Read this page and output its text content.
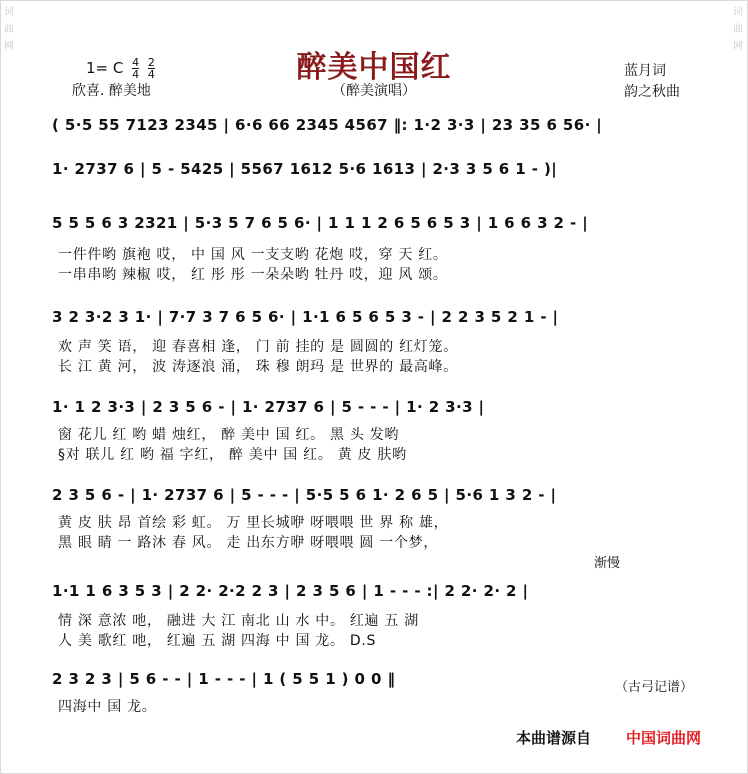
词曲网
词曲网
1= C $\frac{4}{4}$
$\frac{2}{4}$
欣喜. 醉美地
醉美中国红
（醉美演唱）
蓝月词
韵之秋曲
( 5·5 55 7123 2345 | 6·6 66 2345 4567 ‖: 1·2 3·3 | 23 35 6 56· |
1· 2737 6 | 5 - 5425 | 5567 1612 5·6 1613 | 2·3 3 5 6 1 - )|
5 5 5 6 3 2321 | 5·3 5 7 6 5 6· | 1 1 1 2 6 5 6 5 3 | 1 6 6 3 2 - |
一件件哟 旗袍 哎， 中 国 风 一支支哟 花炮 哎，穿 天 红。
一串串哟 辣椒 哎， 红 彤 彤 一朵朵哟 牡丹 哎，迎 风 颂。
3 2 3·2 3 1· | 7·7 3 7 6 5 6· | 1·1 6 5 6 5 3 - | 2 2 3 5 2 1 - |
欢 声 笑 语， 迎 春喜相 逢， 门 前 挂的 是 圆圆的 红灯笼。
长 江 黄 河， 波 涛逐浪 涌， 珠 穆 朗玛 是 世界的 最高峰。
1· 1 2 3·3 | 2 3 5 6 - | 1· 2737 6 | 5 - - - | 1· 2 3·3 |
窗 花儿 红 哟 蜡 烛红， 醉 美中 国 红。 黑 头 发哟
§对 联儿 红 哟 福 字红， 醉 美中 国 红。 黄 皮 肤哟
2 3 5 6 - | 1· 2737 6 | 5 - - - | 5·5 5 6 1· 2 6 5 | 5·6 1 3 2 - |
黄 皮 肤 昂 首绘 彩 虹。 万 里长城咿 呀喂喂 世 界 称 雄，
黑 眼 睛 一 路沐 春 风。 走 出东方咿 呀喂喂 圆 一个梦，
渐慢
1·1 1 6 3 5 3 | 2 2· 2·2 2 3 | 2 3 5 6 | 1 - - - :| 2 2· 2· 2 |
情 深 意浓 吔， 融进 大 江 南北 山 水 中。 红遍 五 湖
人 美 歌红 吔， 红遍 五 湖 四海 中 国 龙。 D.S
2 3 2 3 | 5 6 - - | 1 - - - | 1 ( 5 5 1 ) 0 0 ‖	（古弓记谱）
四海中 国 龙。
本曲谱源自 中国词曲网
